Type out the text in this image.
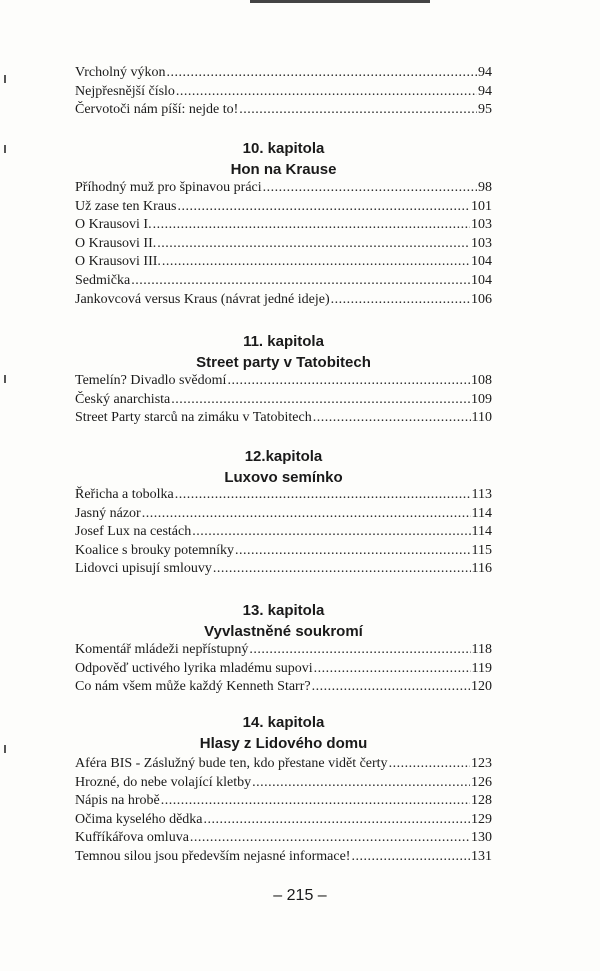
Vrcholný výkon .....	94
Nejpřesnější číslo .....	94
Červotoči nám píší: nejde to! .....	95
10. kapitola
Hon na Krause
Příhodný muž pro špinavou práci .....	98
Už zase ten Kraus .....	101
O Krausovi I. .....	103
O Krausovi II. .....	103
O Krausovi III. .....	104
Sedmička .....	104
Jankovcová versus Kraus (návrat jedné ideje) .....	106
11. kapitola
Street party v Tatobitech
Temelín? Divadlo svědomí .....	108
Český anarchista .....	109
Street Party starců na zimáku v Tatobitech .....	110
12.kapitola
Luxovo semínko
Řeřicha a tobolka .....	113
Jasný názor .....	114
Josef Lux na cestách .....	114
Koalice s brouky potemníky .....	115
Lidovci upisují smlouvy .....	116
13. kapitola
Vyvlastněné soukromí
Komentář mládeži nepřístupný .....	118
Odpověď uctivého lyrika mladému supovi .....	119
Co nám všem může každý Kenneth Starr? .....	120
14. kapitola
Hlasy z Lidového domu
Aféra BIS - Záslužný bude ten, kdo přestane vidět čerty .....	123
Hrozné, do nebe volající kletby .....	126
Nápis na hrobě .....	128
Očima kyselého dědka .....	129
Kufříkářova omluva .....	130
Temnou silou jsou především nejasné informace! .....	131
– 215 –
